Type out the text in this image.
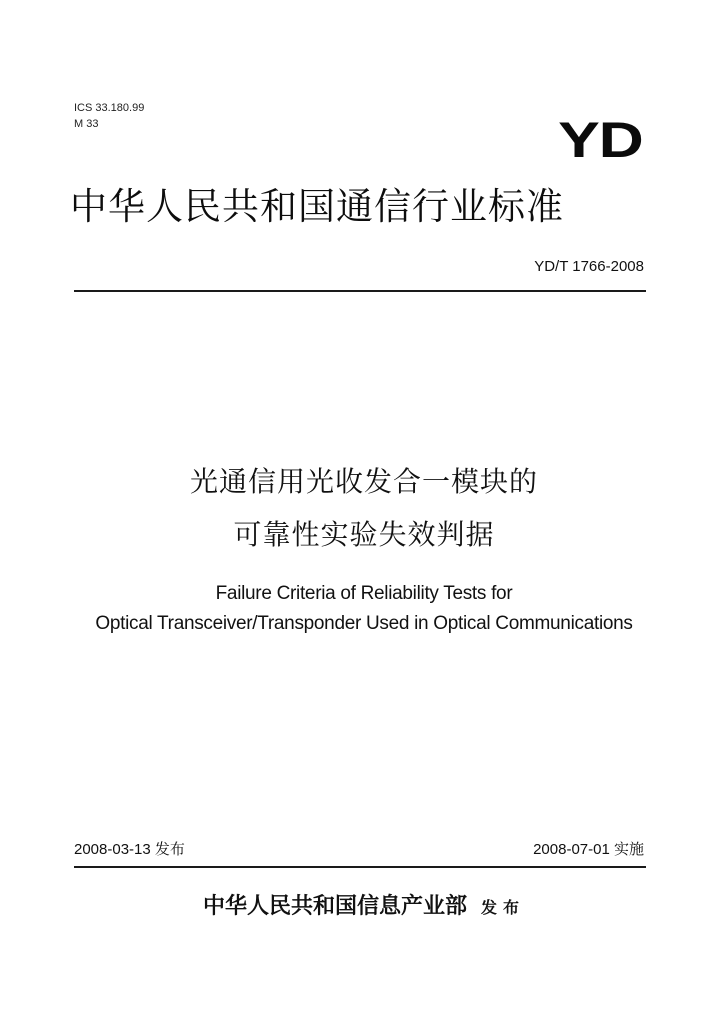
ICS 33.180.99
M 33	YD
中华人民共和国通信行业标准
YD/T 1766-2008
光通信用光收发合一模块的
可靠性实验失效判据
Failure Criteria of Reliability Tests for
Optical Transceiver/Transponder Used in Optical Communications
2008-03-13 发布	2008-07-01 实施
中华人民共和国信息产业部 发布
